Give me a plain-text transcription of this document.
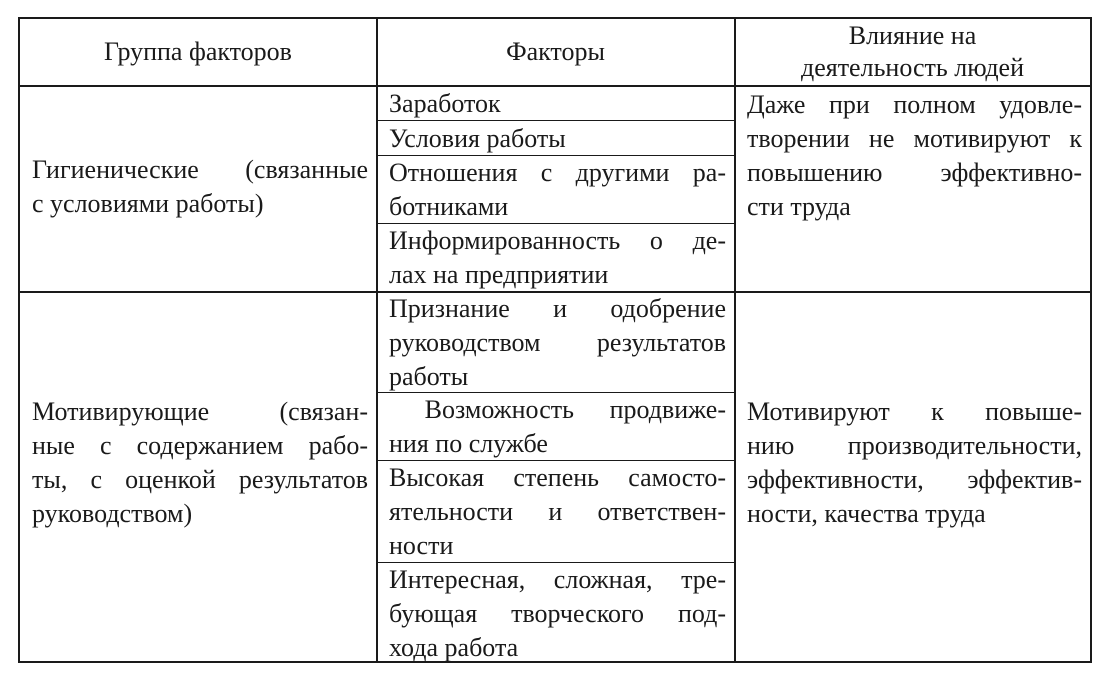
Группа факторов	Факторы
Влияние на
деятельность людей
Гигиенические (связанные
с условиями работы)
Заработок
Условия работы
Отношения с другими ра-
ботниками
Информированность о де-
лах на предприятии
Даже при полном удовле-
творении не мотивируют к
повышению эффективно-
сти труда
Мотивирующие (связан-
ные с содержанием рабо-
ты, с оценкой результатов
руководством)
Признание и одобрение
руководством результатов
работы
Возможность продвиже-
ния по службе
Высокая степень самосто-
ятельности и ответствен-
ности
Интересная, сложная, тре-
бующая творческого под-
хода работа
Мотивируют к повыше-
нию производительности,
эффективности, эффектив-
ности, качества труда
